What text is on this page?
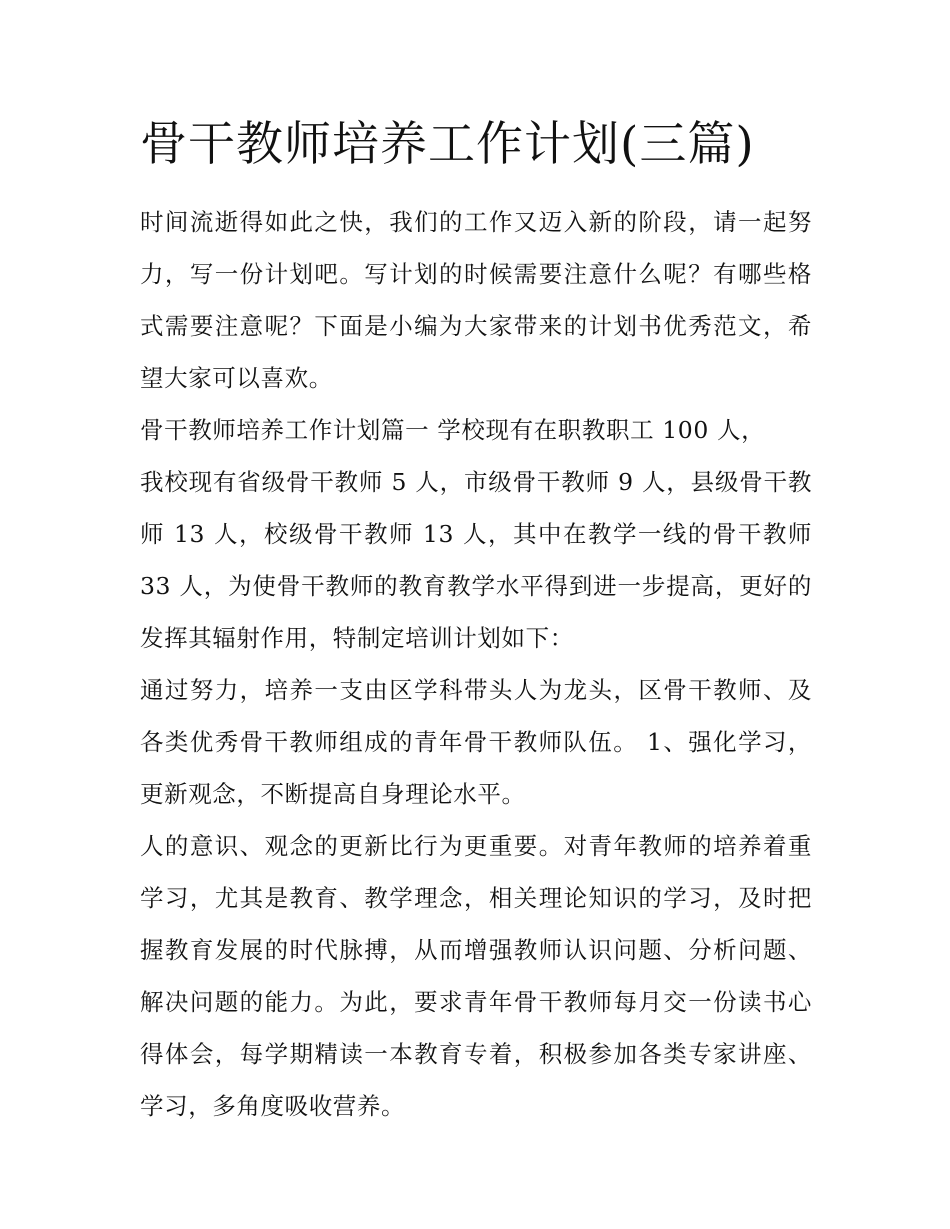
骨干教师培养工作计划(三篇)

时间流逝得如此之快，我们的工作又迈入新的阶段，请一起努力，写一份计划吧。写计划的时候需要注意什么呢？有哪些格式需要注意呢？下面是小编为大家带来的计划书优秀范文，希望大家可以喜欢。

骨干教师培养工作计划篇一 学校现有在职教职工 100 人，

我校现有省级骨干教师 5 人，市级骨干教师 9 人，县级骨干教师 13 人，校级骨干教师 13 人，其中在教学一线的骨干教师 33 人，为使骨干教师的教育教学水平得到进一步提高，更好的发挥其辐射作用，特制定培训计划如下：

通过努力，培养一支由区学科带头人为龙头，区骨干教师、及各类优秀骨干教师组成的青年骨干教师队伍。 1、强化学习，更新观念，不断提高自身理论水平。

人的意识、观念的更新比行为更重要。对青年教师的培养着重学习，尤其是教育、教学理念，相关理论知识的学习，及时把握教育发展的时代脉搏，从而增强教师认识问题、分析问题、解决问题的能力。为此，要求青年骨干教师每月交一份读书心得体会，每学期精读一本教育专着，积极参加各类专家讲座、学习，多角度吸收营养。
